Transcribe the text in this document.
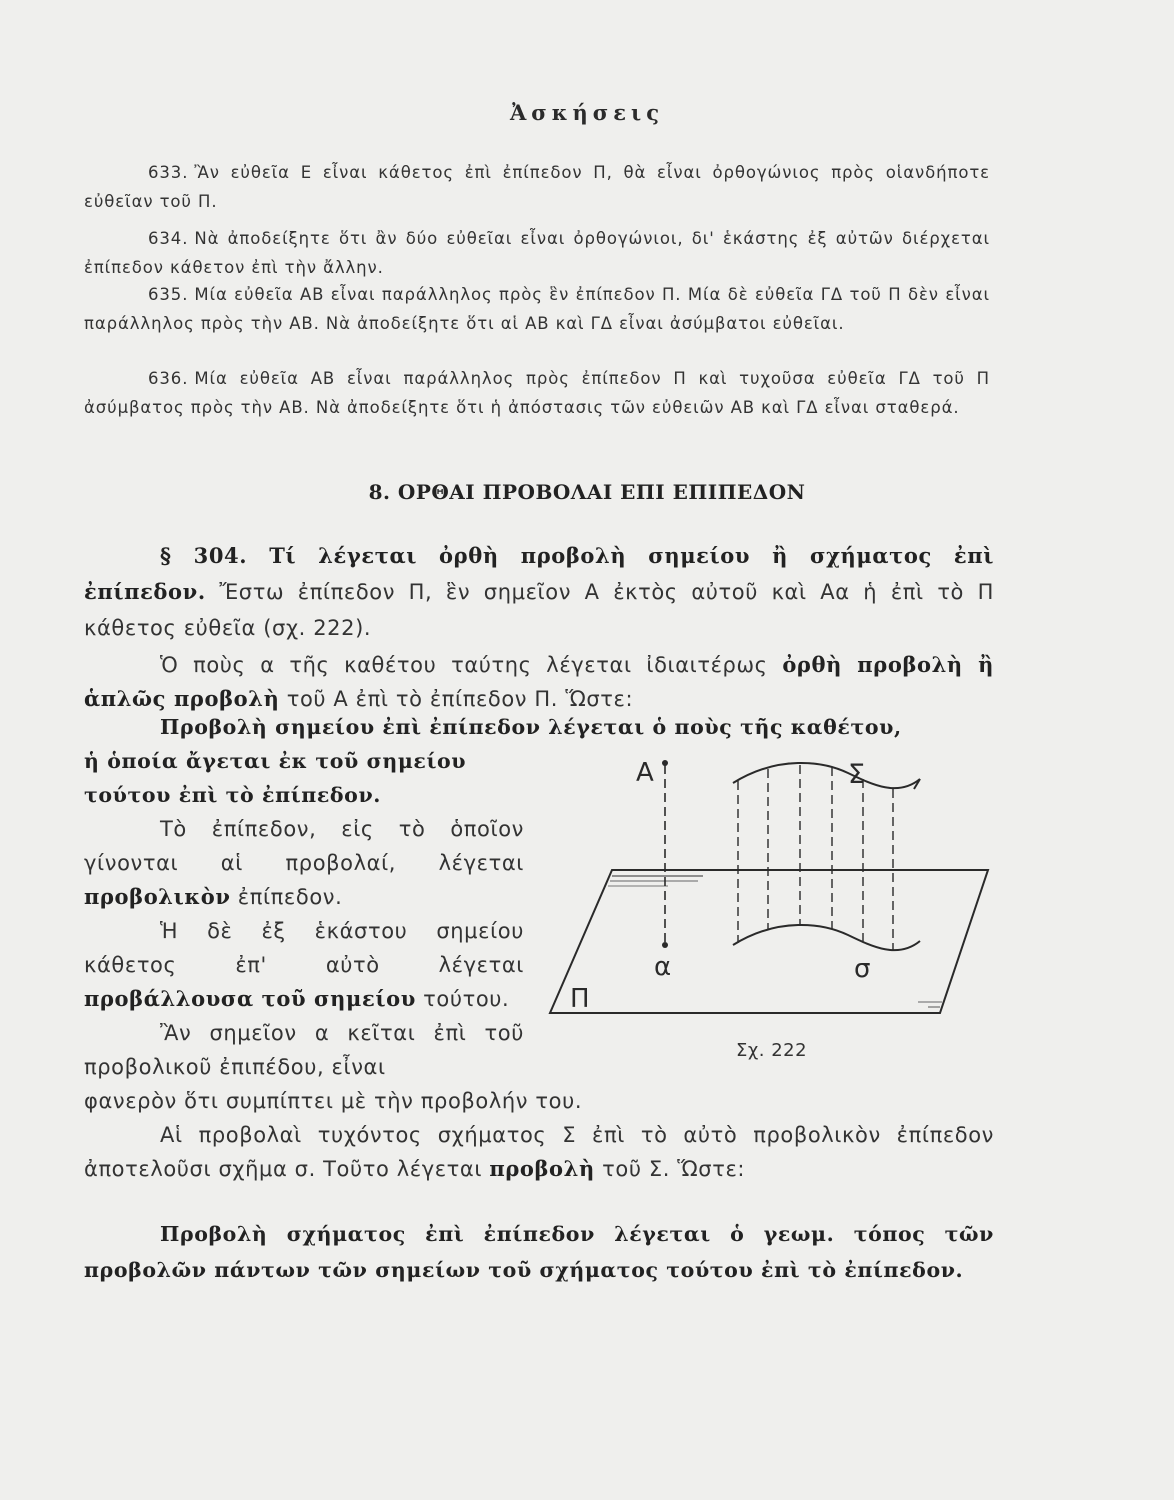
Ἀσκήσεις

633. Ἂν εὐθεῖα Ε εἶναι κάθετος ἐπὶ ἐπίπεδον Π, θὰ εἶναι ὀρθογώνιος πρὸς οἱανδήποτε εὐθεῖαν τοῦ Π.

634. Νὰ ἀποδείξητε ὅτι ἂν δύο εὐθεῖαι εἶναι ὀρθογώνιοι, δι' ἑκάστης ἐξ αὐτῶν διέρχεται ἐπίπεδον κάθετον ἐπὶ τὴν ἄλλην.

635. Μία εὐθεῖα ΑΒ εἶναι παράλληλος πρὸς ἓν ἐπίπεδον Π. Μία δὲ εὐθεῖα ΓΔ τοῦ Π δὲν εἶναι παράλληλος πρὸς τὴν ΑΒ. Νὰ ἀποδείξητε ὅτι αἱ ΑΒ καὶ ΓΔ εἶναι ἀσύμβατοι εὐθεῖαι.

636. Μία εὐθεῖα ΑΒ εἶναι παράλληλος πρὸς ἐπίπεδον Π καὶ τυχοῦσα εὐθεῖα ΓΔ τοῦ Π ἀσύμβατος πρὸς τὴν ΑΒ. Νὰ ἀποδείξητε ὅτι ἡ ἀπόστασις τῶν εὐθειῶν ΑΒ καὶ ΓΔ εἶναι σταθερά.

8. ΟΡΘΑΙ ΠΡΟΒΟΛΑΙ ΕΠΙ ΕΠΙΠΕΔΟΝ

§ 304. Τί λέγεται ὀρθὴ προβολὴ σημείου ἢ σχήματος ἐπὶ ἐπίπεδον. Ἔστω ἐπίπεδον Π, ἓν σημεῖον Α ἐκτὸς αὐτοῦ καὶ Αα ἡ ἐπὶ τὸ Π κάθετος εὐθεῖα (σχ. 222).

Ὁ ποὺς α τῆς καθέτου ταύτης λέγεται ἰδιαιτέρως ὀρθὴ προβολὴ ἢ ἁπλῶς προβολὴ τοῦ Α ἐπὶ τὸ ἐπίπεδον Π. Ὥστε:

Προβολὴ σημείου ἐπὶ ἐπίπεδον λέγεται ὁ ποὺς τῆς καθέτου,
ἡ ὁποία ἄγεται ἐκ τοῦ σημείου
τούτου ἐπὶ τὸ ἐπίπεδον.

Τὸ ἐπίπεδον, εἰς τὸ ὁποῖον γίνονται αἱ προβολαί, λέγεται προβολικὸν ἐπίπεδον.

Ἡ δὲ ἐξ ἑκάστου σημείου κάθετος ἐπ' αὐτὸ λέγεται προβάλλουσα τοῦ σημείου τούτου.

Ἂν σημεῖον α κεῖται ἐπὶ τοῦ προβολικοῦ ἐπιπέδου, εἶναι

φανερὸν ὅτι συμπίπτει μὲ τὴν προβολήν του.

Αἱ προβολαὶ τυχόντος σχήματος Σ ἐπὶ τὸ αὐτὸ προβολικὸν ἐπίπεδον ἀποτελοῦσι σχῆμα σ. Τοῦτο λέγεται προβολὴ τοῦ Σ. Ὥστε:

Προβολὴ σχήματος ἐπὶ ἐπίπεδον λέγεται ὁ γεωμ. τόπος τῶν προβολῶν πάντων τῶν σημείων τοῦ σχήματος τούτου ἐπὶ τὸ ἐπίπεδον.

Α	Σ
α	σ
Π
Σχ. 222
